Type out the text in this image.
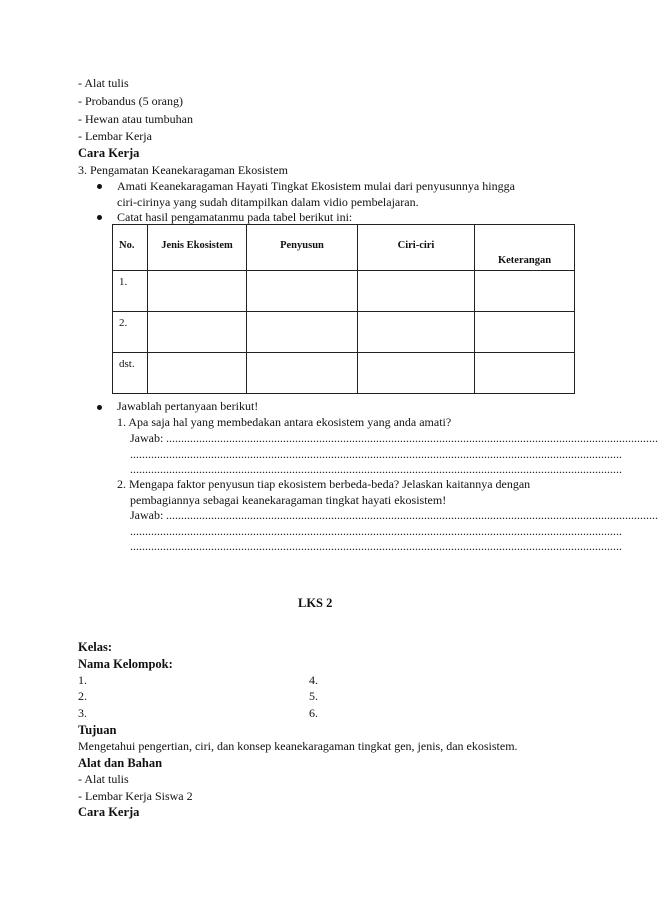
- Alat tulis
- Probandus (5 orang)
- Hewan atau tumbuhan
- Lembar Kerja
Cara Kerja
3. Pengamatan Keanekaragaman Ekosistem
Amati Keanekaragaman Hayati Tingkat Ekosistem mulai dari penyusunnya hingga
ciri-cirinya yang sudah ditampilkan dalam vidio pembelajaran.
Catat hasil pengamatanmu pada tabel berikut ini:
No.	Jenis Ekosistem	Penyusun	Ciri-ciri	Keterangan
1.				
2.				
dst.				
Jawablah pertanyaan berikut!
1. Apa saja hal yang membedakan antara ekosistem yang anda amati?
Jawab: ....................................................................................................................................................................
....................................................................................................................................................................
....................................................................................................................................................................
2. Mengapa faktor penyusun tiap ekosistem berbeda-beda? Jelaskan kaitannya dengan
pembagiannya sebagai keanekaragaman tingkat hayati ekosistem!
Jawab: ....................................................................................................................................................................
....................................................................................................................................................................
....................................................................................................................................................................
LKS 2
Kelas:
Nama Kelompok:
1.
2.
3.
4.
5.
6.
Tujuan
Mengetahui pengertian, ciri, dan konsep keanekaragaman tingkat gen, jenis, dan ekosistem.
Alat dan Bahan
- Alat tulis
- Lembar Kerja Siswa 2
Cara Kerja
